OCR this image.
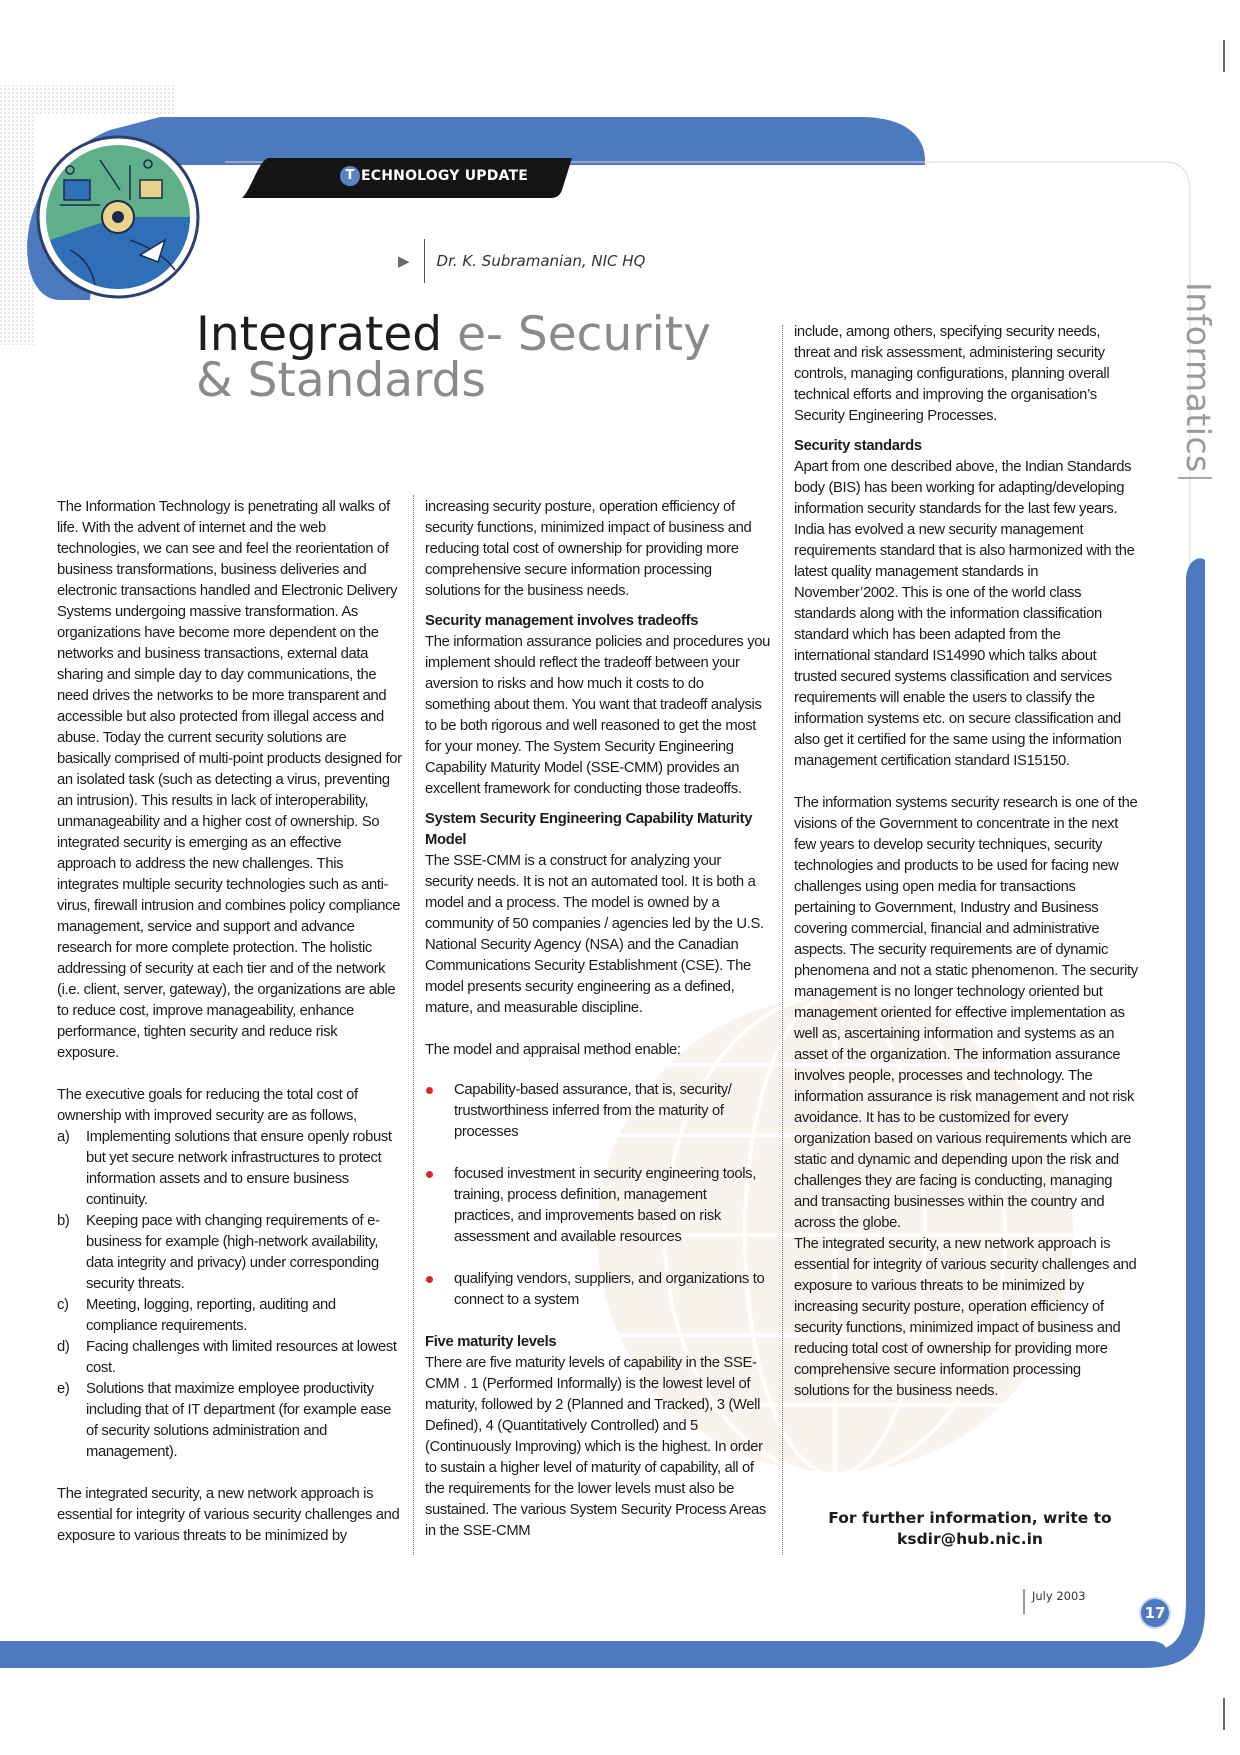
T ECHNOLOGY UPDATE
▶ Dr. K. Subramanian, NIC HQ
Integrated e- Security
& Standards	Informatics

The Information Technology is penetrating all walks of life. With the advent of internet and the web technologies, we can see and feel the reorientation of business transformations, business deliveries and electronic transactions handled and Electronic Delivery Systems undergoing massive transformation. As organizations have become more dependent on the networks and business transactions, external data sharing and simple day to day communications, the need drives the networks to be more transparent and accessible but also protected from illegal access and abuse. Today the current security solutions are basically comprised of multi-point products designed for an isolated task (such as detecting a virus, preventing an intrusion). This results in lack of interoperability, unmanageability and a higher cost of ownership. So integrated security is emerging as an effective approach to address the new challenges. This integrates multiple security technologies such as anti-virus, firewall intrusion and combines policy compliance management, service and support and advance research for more complete protection. The holistic addressing of security at each tier and of the network (i.e. client, server, gateway), the organizations are able to reduce cost, improve manageability, enhance performance, tighten security and reduce risk exposure.

The executive goals for reducing the total cost of ownership with improved security are as follows,

a) Implementing solutions that ensure openly robust but yet secure network infrastructures to protect information assets and to ensure business continuity.
b) Keeping pace with changing requirements of e-business for example (high-network availability, data integrity and privacy) under corresponding security threats.
c) Meeting, logging, reporting, auditing and compliance requirements.
d) Facing challenges with limited resources at lowest cost.
e) Solutions that maximize employee productivity including that of IT department (for example ease of security solutions administration and management).

The integrated security, a new network approach is essential for integrity of various security challenges and exposure to various threats to be minimized by

increasing security posture, operation efficiency of security functions, minimized impact of business and reducing total cost of ownership for providing more comprehensive secure information processing solutions for the business needs.

Security management involves tradeoffs

The information assurance policies and procedures you implement should reflect the tradeoff between your aversion to risks and how much it costs to do something about them. You want that tradeoff analysis to be both rigorous and well reasoned to get the most for your money. The System Security Engineering Capability Maturity Model (SSE-CMM) provides an excellent framework for conducting those tradeoffs.

System Security Engineering Capability Maturity Model

The SSE-CMM is a construct for analyzing your security needs. It is not an automated tool. It is both a model and a process. The model is owned by a community of 50 companies / agencies led by the U.S. National Security Agency (NSA) and the Canadian Communications Security Establishment (CSE). The model presents security engineering as a defined, mature, and measurable discipline.

The model and appraisal method enable:

Capability-based assurance, that is, security/ trustworthiness inferred from the maturity of processes
focused investment in security engineering tools, training, process definition, management practices, and improvements based on risk assessment and available resources
qualifying vendors, suppliers, and organizations to connect to a system
Five maturity levels

There are five maturity levels of capability in the SSE-CMM . 1 (Performed Informally) is the lowest level of maturity, followed by 2 (Planned and Tracked), 3 (Well Defined), 4 (Quantitatively Controlled) and 5 (Continuously Improving) which is the highest. In order to sustain a higher level of maturity of capability, all of the requirements for the lower levels must also be sustained. The various System Security Process Areas in the SSE-CMM

include, among others, specifying security needs, threat and risk assessment, administering security controls, managing configurations, planning overall technical efforts and improving the organisation’s Security Engineering Processes.

Security standards

Apart from one described above, the Indian Standards body (BIS) has been working for adapting/developing information security standards for the last few years. India has evolved a new security management requirements standard that is also harmonized with the latest quality management standards in November’2002. This is one of the world class standards along with the information classification standard which has been adapted from the international standard IS14990 which talks about trusted secured systems classification and services requirements will enable the users to classify the information systems etc. on secure classification and also get it certified for the same using the information management certification standard IS15150.

The information systems security research is one of the visions of the Government to concentrate in the next few years to develop security techniques, security technologies and products to be used for facing new challenges using open media for transactions pertaining to Government, Industry and Business covering commercial, financial and administrative aspects. The security requirements are of dynamic phenomena and not a static phenomenon. The security management is no longer technology oriented but management oriented for effective implementation as well as, ascertaining information and systems as an asset of the organization. The information assurance involves people, processes and technology. The information assurance is risk management and not risk avoidance. It has to be customized for every organization based on various requirements which are static and dynamic and depending upon the risk and challenges they are facing is conducting, managing and transacting businesses within the country and across the globe.

The integrated security, a new network approach is essential for integrity of various security challenges and exposure to various threats to be minimized by increasing security posture, operation efficiency of security functions, minimized impact of business and reducing total cost of ownership for providing more comprehensive secure information processing solutions for the business needs.

For further information, write to
ksdir@hub.nic.in
July 2003
17
